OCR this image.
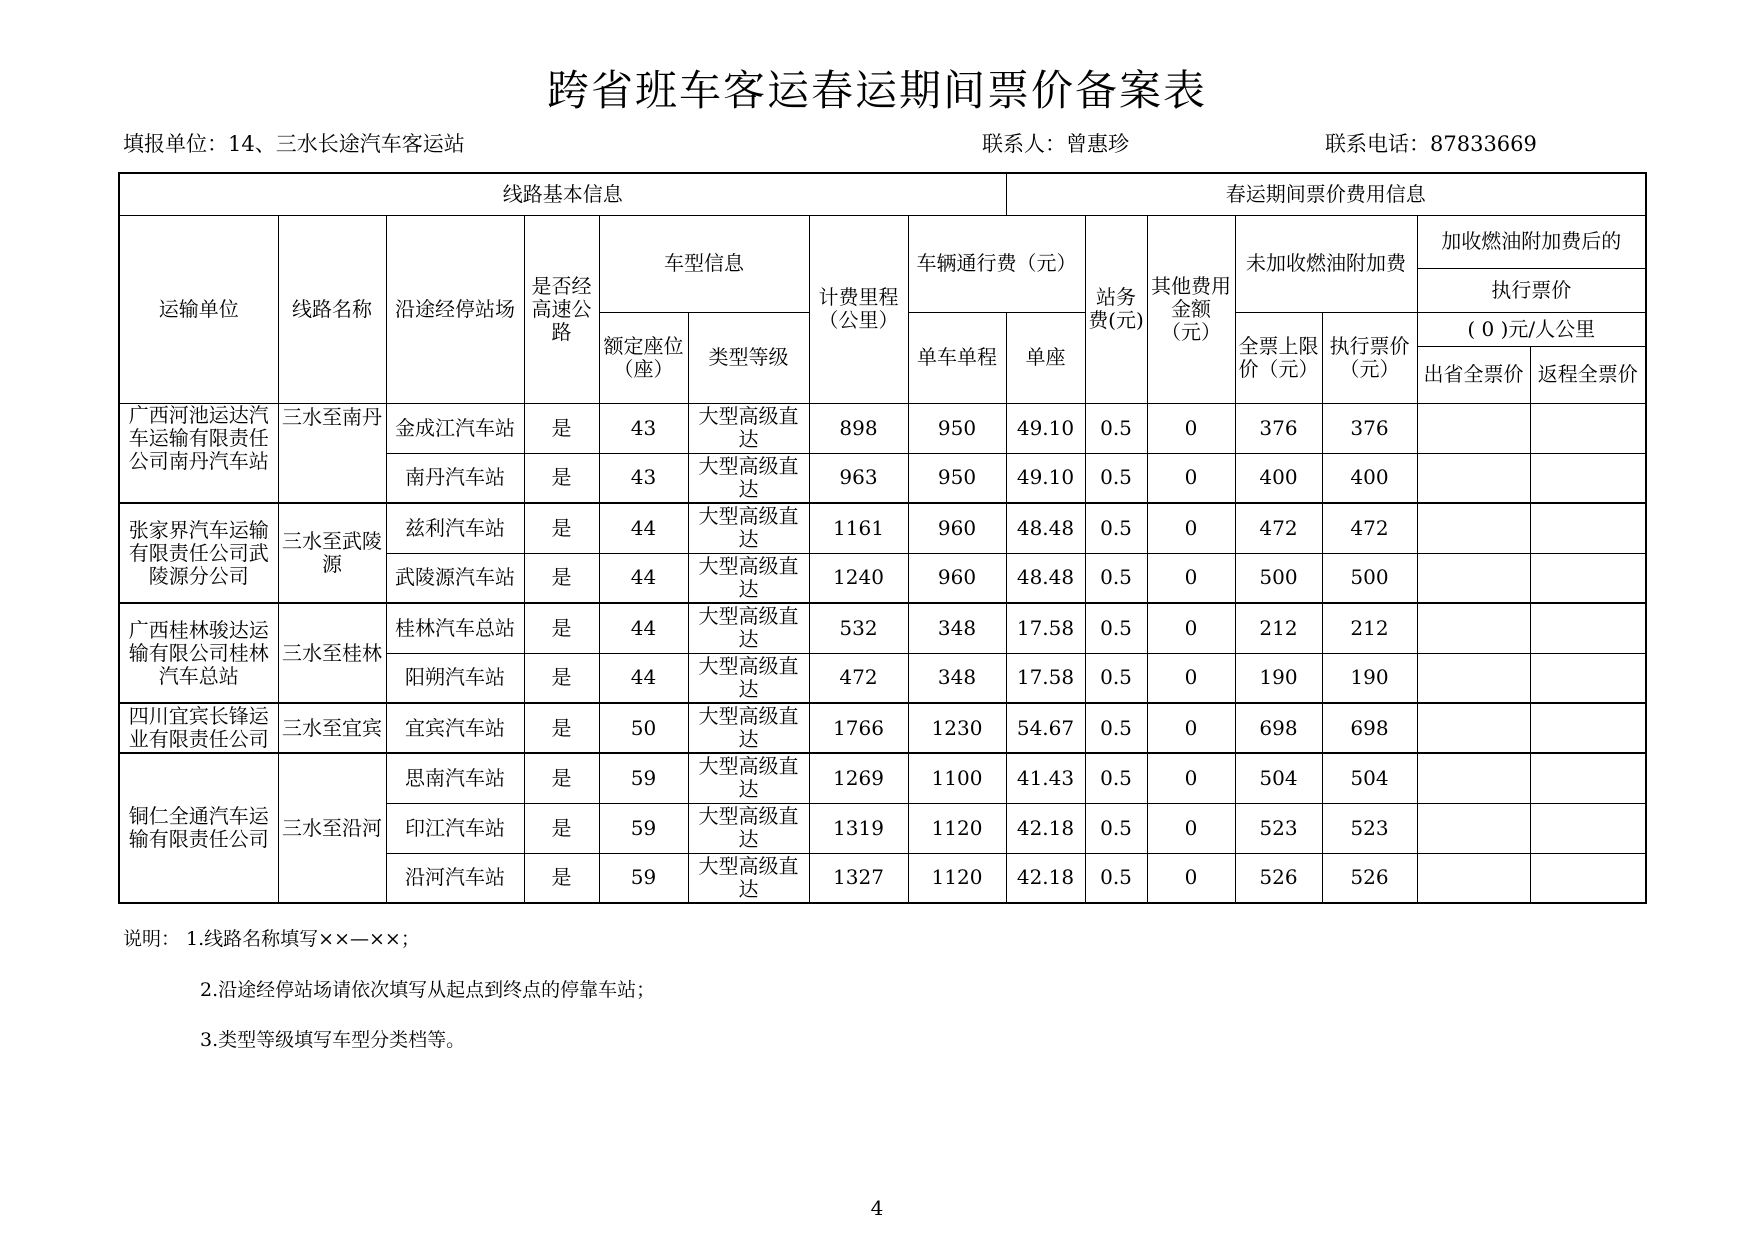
跨省班车客运春运期间票价备案表
填报单位：14、三水长途汽车客运站	联系人：曾惠珍	联系电话：87833669
线路基本信息								春运期间票价费用信息						
运输单位	线路名称	沿途经停站场	是否经高速公路	车型信息		计费里程（公里）	车辆通行费（元）		站务费(元)	其他费用金额（元）	未加收燃油附加费		加收燃油附加费后的	
													执行票价	
				额定座位（座）	类型等级		单车单程	单座			全票上限价（元）	执行票价（元）	( 0 )元/人公里	
													出省全票价	返程全票价
广西河池运达汽车运输有限责任公司南丹汽车站	三水至南丹	金成江汽车站	是	43	大型高级直达	898	950	49.10	0.5	0	376	376		
		南丹汽车站	是	43	大型高级直达	963	950	49.10	0.5	0	400	400		
张家界汽车运输有限责任公司武陵源分公司	三水至武陵源	兹利汽车站	是	44	大型高级直达	1161	960	48.48	0.5	0	472	472		
		武陵源汽车站	是	44	大型高级直达	1240	960	48.48	0.5	0	500	500		
广西桂林骏达运输有限公司桂林汽车总站	三水至桂林	桂林汽车总站	是	44	大型高级直达	532	348	17.58	0.5	0	212	212		
		阳朔汽车站	是	44	大型高级直达	472	348	17.58	0.5	0	190	190		
四川宜宾长锋运业有限责任公司	三水至宜宾	宜宾汽车站	是	50	大型高级直达	1766	1230	54.67	0.5	0	698	698		
铜仁全通汽车运输有限责任公司	三水至沿河	思南汽车站	是	59	大型高级直达	1269	1100	41.43	0.5	0	504	504		
		印江汽车站	是	59	大型高级直达	1319	1120	42.18	0.5	0	523	523		
		沿河汽车站	是	59	大型高级直达	1327	1120	42.18	0.5	0	526	526		
说明： 1.线路名称填写××—××；
2.沿途经停站场请依次填写从起点到终点的停靠车站；
3.类型等级填写车型分类档等。
4
